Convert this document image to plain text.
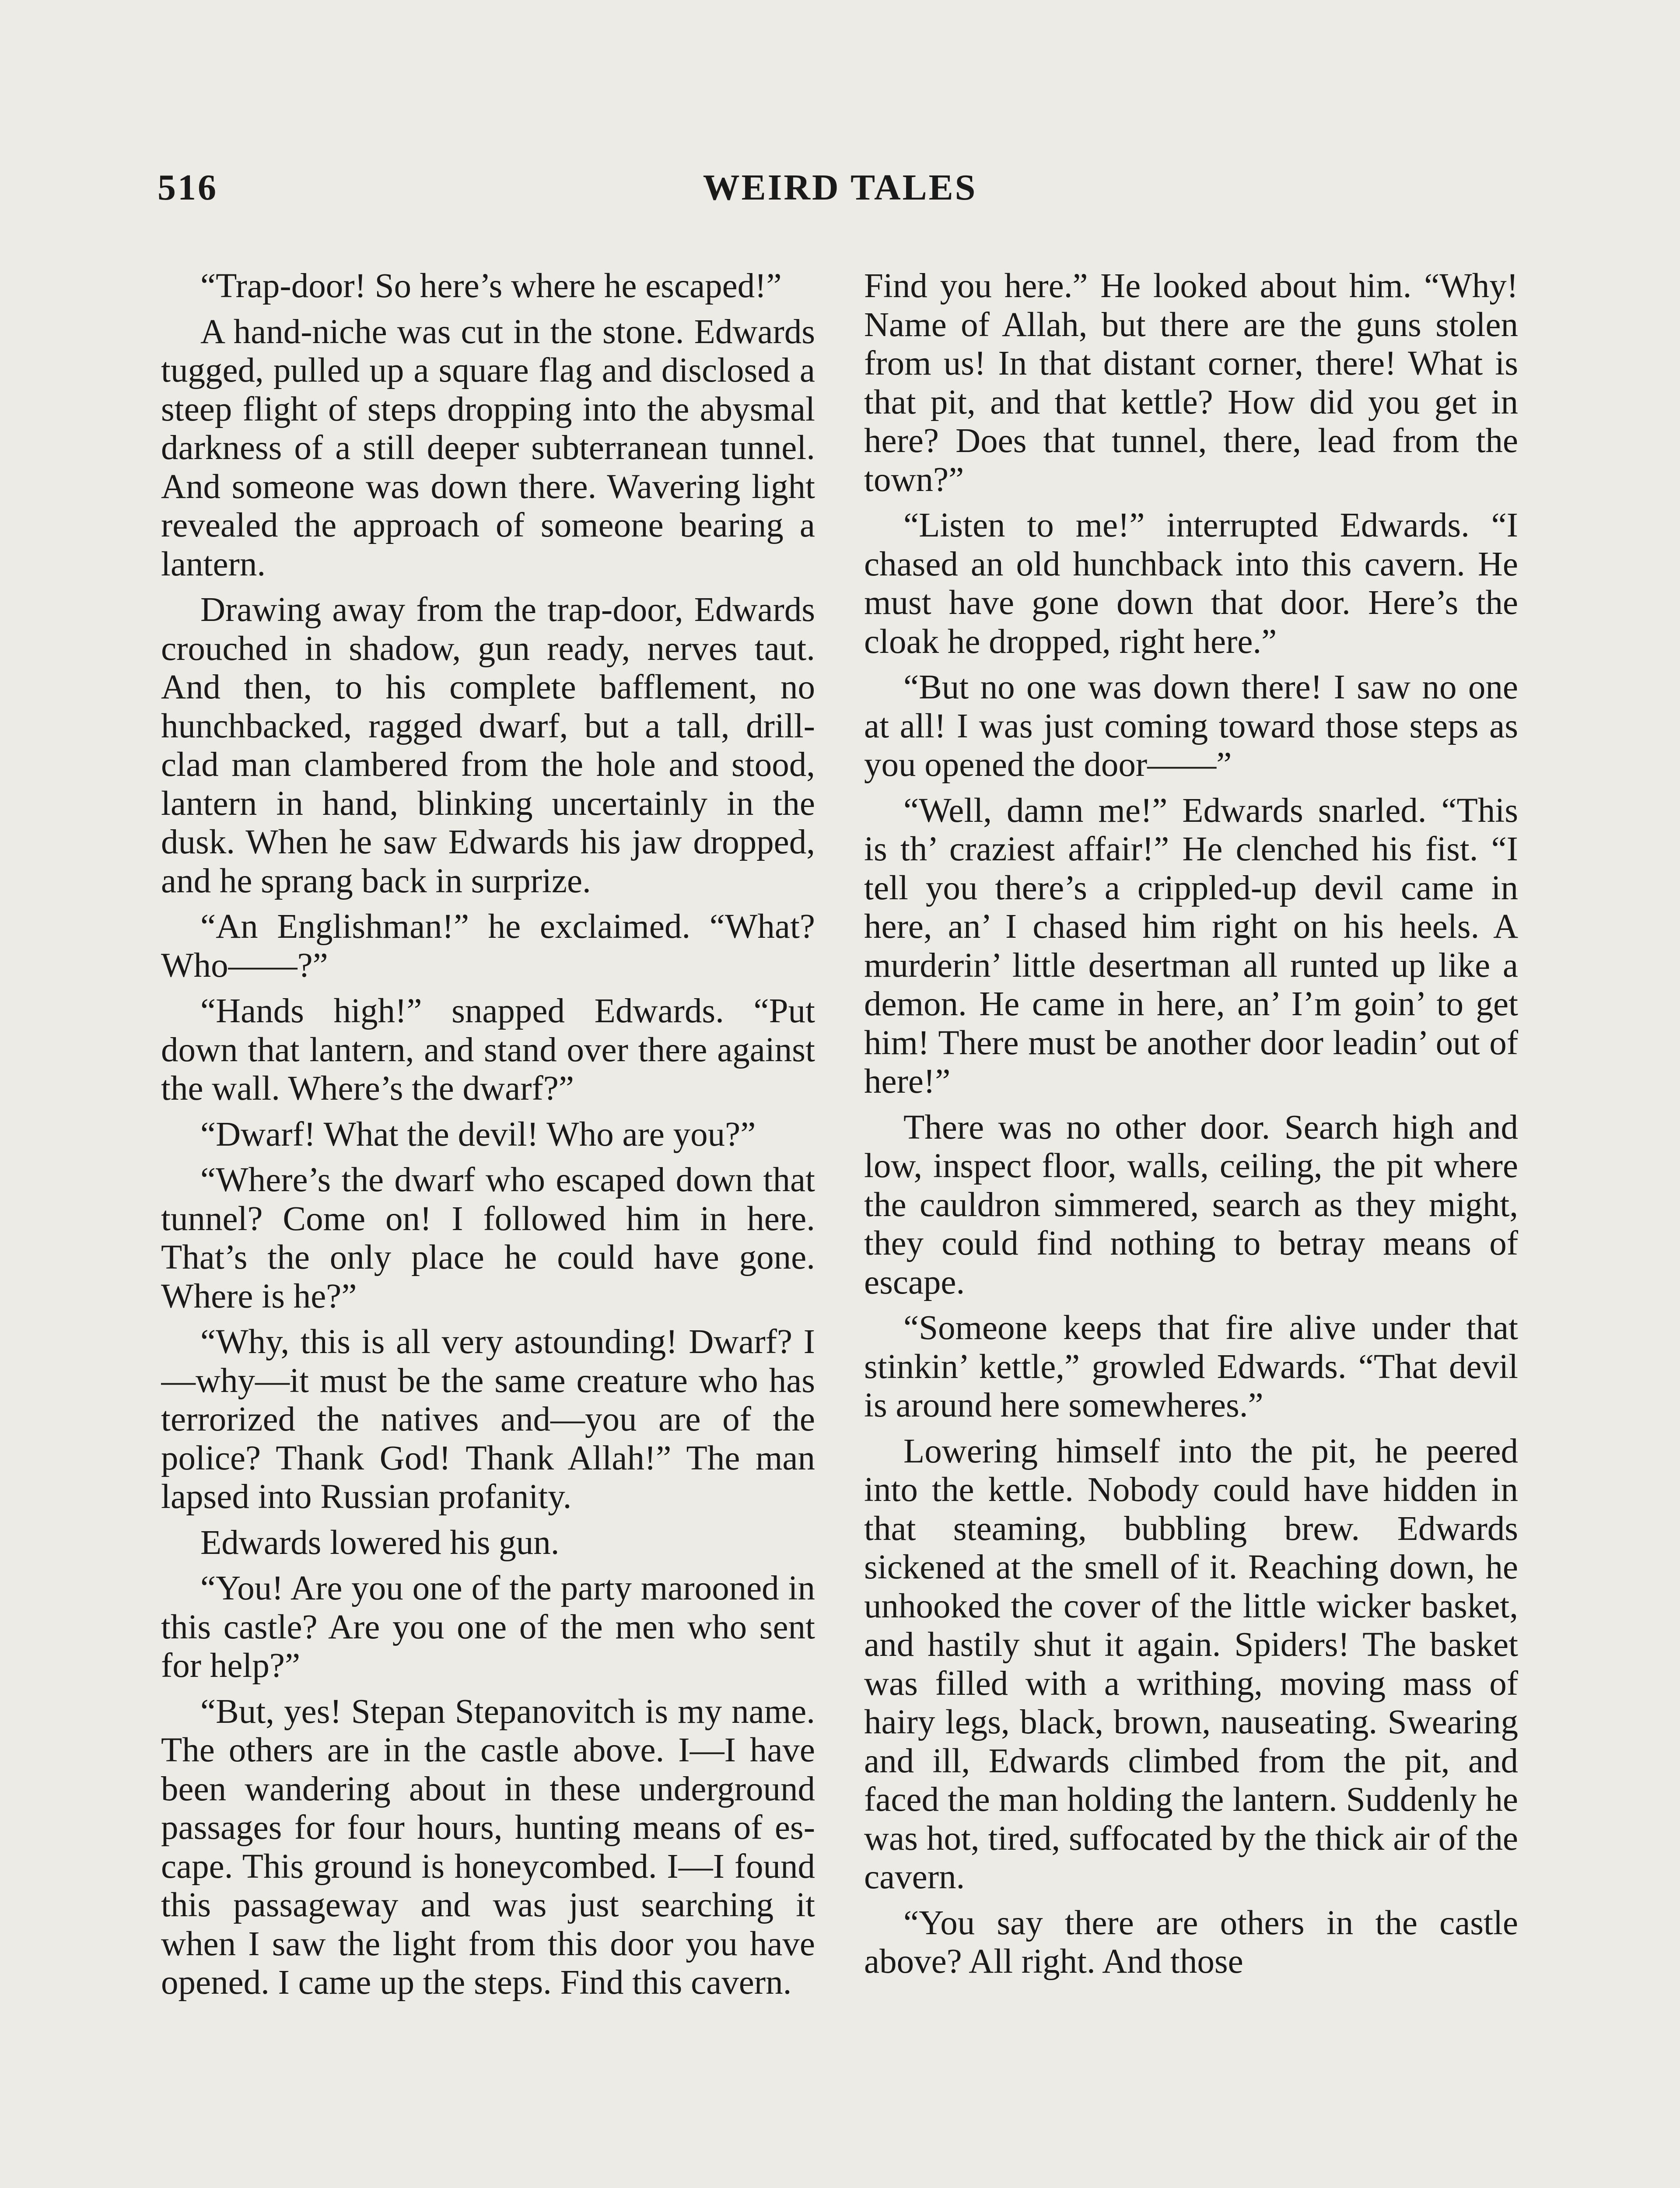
516	WEIRD TALES

“Trap-door! So here’s where he escaped!”

A hand-niche was cut in the stone. Edwards tugged, pulled up a square flag and disclosed a steep flight of steps dropping into the abysmal darkness of a still deeper subterranean tunnel. And someone was down there. Wavering light revealed the approach of someone bearing a lantern.

Drawing away from the trap-door, Edwards crouched in shadow, gun ready, nerves taut. And then, to his complete bafflement, no hunchbacked, ragged dwarf, but a tall, drill-clad man clambered from the hole and stood, lantern in hand, blinking uncertainly in the dusk. When he saw Edwards his jaw dropped, and he sprang back in surprize.

“An Englishman!” he exclaimed. “What? Who——?”

“Hands high!” snapped Edwards. “Put down that lantern, and stand over there against the wall. Where’s the dwarf?”

“Dwarf! What the devil! Who are you?”

“Where’s the dwarf who escaped down that tunnel? Come on! I followed him in here. That’s the only place he could have gone. Where is he?”

“Why, this is all very astounding! Dwarf? I—why—it must be the same creature who has terrorized the natives and—you are of the police? Thank God! Thank Allah!” The man lapsed into Russian profanity.

Edwards lowered his gun.

“You! Are you one of the party marooned in this castle? Are you one of the men who sent for help?”

“But, yes! Stepan Stepanovitch is my name. The others are in the castle above. I—I have been wandering about in these underground passages for four hours, hunting means of escape. This ground is honeycombed. I—I found this passageway and was just searching it when I saw the light from this door you have opened. I came up the steps. Find this cavern.

Find you here.” He looked about him. “Why! Name of Allah, but there are the guns stolen from us! In that distant corner, there! What is that pit, and that kettle? How did you get in here? Does that tunnel, there, lead from the town?”

“Listen to me!” interrupted Edwards. “I chased an old hunchback into this cavern. He must have gone down that door. Here’s the cloak he dropped, right here.”

“But no one was down there! I saw no one at all! I was just coming toward those steps as you opened the door——”

“Well, damn me!” Edwards snarled. “This is th’ craziest affair!” He clenched his fist. “I tell you there’s a crippled-up devil came in here, an’ I chased him right on his heels. A murderin’ little desertman all runted up like a demon. He came in here, an’ I’m goin’ to get him! There must be another door leadin’ out of here!”

There was no other door. Search high and low, inspect floor, walls, ceiling, the pit where the cauldron simmered, search as they might, they could find nothing to betray means of escape.

“Someone keeps that fire alive under that stinkin’ kettle,” growled Edwards. “That devil is around here somewheres.”

Lowering himself into the pit, he peered into the kettle. Nobody could have hidden in that steaming, bubbling brew. Edwards sickened at the smell of it. Reaching down, he unhooked the cover of the little wicker basket, and hastily shut it again. Spiders! The basket was filled with a writhing, moving mass of hairy legs, black, brown, nauseating. Swearing and ill, Edwards climbed from the pit, and faced the man holding the lantern. Suddenly he was hot, tired, suffocated by the thick air of the cavern.

“You say there are others in the castle above? All right. And those
